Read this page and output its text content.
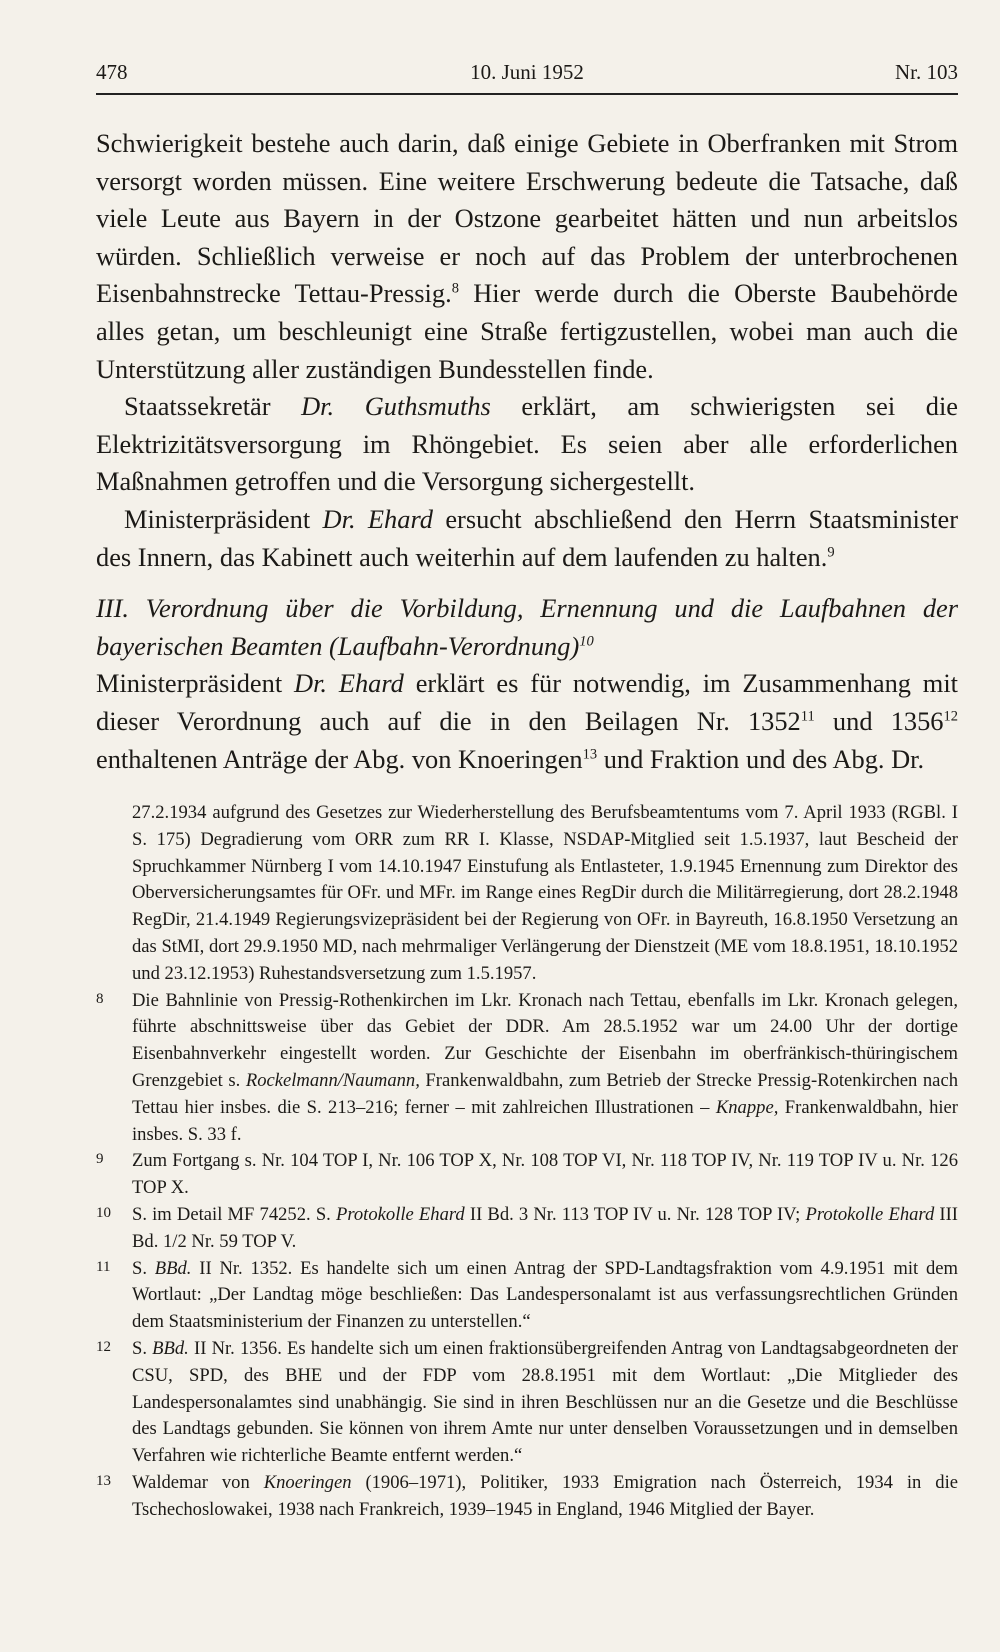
478	10. Juni 1952	Nr. 103

Schwierigkeit bestehe auch darin, daß einige Gebiete in Oberfranken mit Strom versorgt worden müssen. Eine weitere Erschwerung bedeute die Tatsache, daß viele Leute aus Bayern in der Ostzone gearbeitet hätten und nun arbeitslos würden. Schließlich verweise er noch auf das Problem der unterbrochenen Eisenbahnstrecke Tettau-Pressig.$^8$ Hier werde durch die Oberste Baubehörde alles getan, um beschleunigt eine Straße fertigzustellen, wobei man auch die Unterstützung aller zuständigen Bundesstellen finde.

Staatssekretär Dr. Guthsmuths erklärt, am schwierigsten sei die Elektrizitätsversorgung im Rhöngebiet. Es seien aber alle erforderlichen Maßnahmen getroffen und die Versorgung sichergestellt.

Ministerpräsident Dr. Ehard ersucht abschließend den Herrn Staatsminister des Innern, das Kabinett auch weiterhin auf dem laufenden zu halten.$^9$

III. Verordnung über die Vorbildung, Ernennung und die Laufbahnen der bayerischen Beamten (Laufbahn-Verordnung)$^{10}$

Ministerpräsident Dr. Ehard erklärt es für notwendig, im Zusammenhang mit dieser Verordnung auch auf die in den Beilagen Nr. 1352$^{11}$ und 1356$^{12}$ enthaltenen Anträge der Abg. von Knoeringen$^{13}$ und Fraktion und des Abg. Dr.

27.2.1934 aufgrund des Gesetzes zur Wiederherstellung des Berufsbeamtentums vom 7. April 1933 (RGBl. I S. 175) Degradierung vom ORR zum RR I. Klasse, NSDAP-Mitglied seit 1.5.1937, laut Bescheid der Spruchkammer Nürnberg I vom 14.10.1947 Einstufung als Entlasteter, 1.9.1945 Ernennung zum Direktor des Oberversicherungsamtes für OFr. und MFr. im Range eines RegDir durch die Militärregierung, dort 28.2.1948 RegDir, 21.4.1949 Regierungsvizepräsident bei der Regierung von OFr. in Bayreuth, 16.8.1950 Versetzung an das StMI, dort 29.9.1950 MD, nach mehrmaliger Verlängerung der Dienstzeit (ME vom 18.8.1951, 18.10.1952 und 23.12.1953) Ruhestandsversetzung zum 1.5.1957.

8 Die Bahnlinie von Pressig-Rothenkirchen im Lkr. Kronach nach Tettau, ebenfalls im Lkr. Kronach gelegen, führte abschnittsweise über das Gebiet der DDR. Am 28.5.1952 war um 24.00 Uhr der dortige Eisenbahnverkehr eingestellt worden. Zur Geschichte der Eisenbahn im oberfränkisch-thüringischem Grenzgebiet s. Rockelmann/Naumann, Frankenwaldbahn, zum Betrieb der Strecke Pressig-Rotenkirchen nach Tettau hier insbes. die S. 213–216; ferner – mit zahlreichen Illustrationen – Knappe, Frankenwaldbahn, hier insbes. S. 33 f.

9 Zum Fortgang s. Nr. 104 TOP I, Nr. 106 TOP X, Nr. 108 TOP VI, Nr. 118 TOP IV, Nr. 119 TOP IV u. Nr. 126 TOP X.

10 S. im Detail MF 74252. S. Protokolle Ehard II Bd. 3 Nr. 113 TOP IV u. Nr. 128 TOP IV; Protokolle Ehard III Bd. 1/2 Nr. 59 TOP V.

11 S. BBd. II Nr. 1352. Es handelte sich um einen Antrag der SPD-Landtagsfraktion vom 4.9.1951 mit dem Wortlaut: „Der Landtag möge beschließen: Das Landespersonalamt ist aus verfassungsrechtlichen Gründen dem Staatsministerium der Finanzen zu unterstellen.“

12 S. BBd. II Nr. 1356. Es handelte sich um einen fraktionsübergreifenden Antrag von Landtagsabgeordneten der CSU, SPD, des BHE und der FDP vom 28.8.1951 mit dem Wortlaut: „Die Mitglieder des Landespersonalamtes sind unabhängig. Sie sind in ihren Beschlüssen nur an die Gesetze und die Beschlüsse des Landtags gebunden. Sie können von ihrem Amte nur unter denselben Voraussetzungen und in demselben Verfahren wie richterliche Beamte entfernt werden.“

13 Waldemar von Knoeringen (1906–1971), Politiker, 1933 Emigration nach Österreich, 1934 in die Tschechoslowakei, 1938 nach Frankreich, 1939–1945 in England, 1946 Mitglied der Bayer.
